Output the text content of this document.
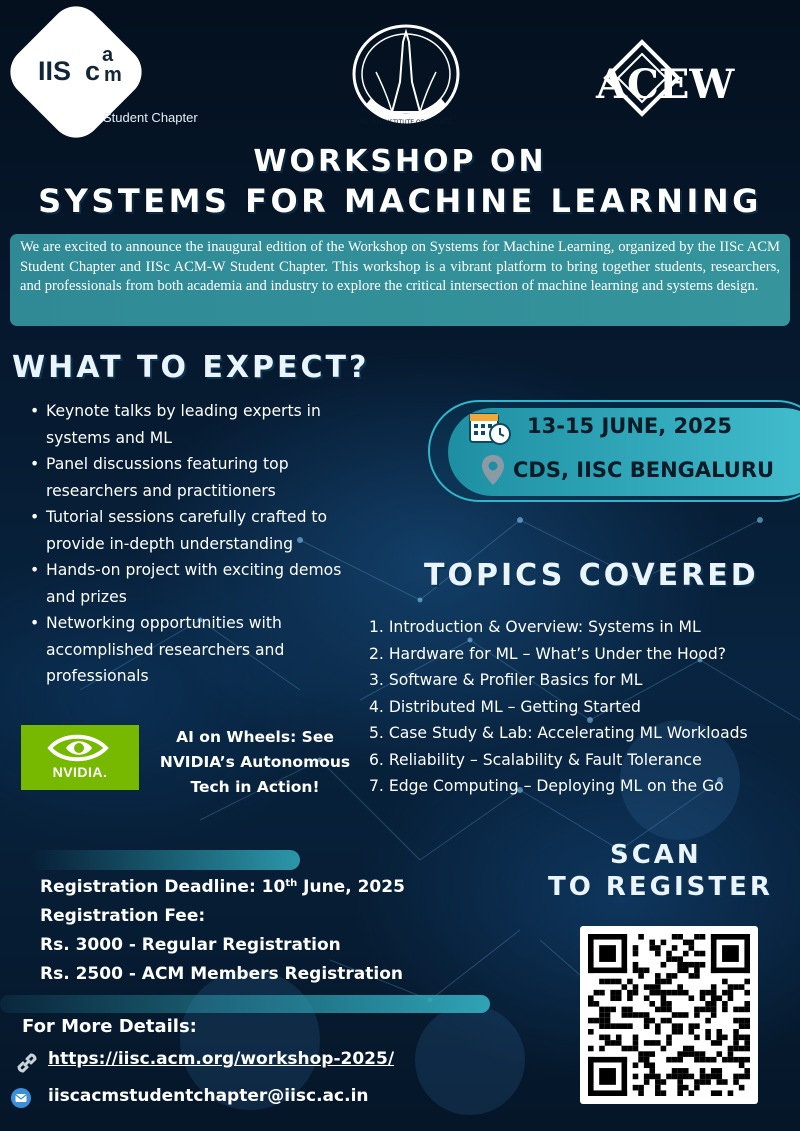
IIS c
a
m
Student Chapter	INDIAN INSTITUTE OF SCIENCE
ACEW
WORKSHOP ON
SYSTEMS FOR MACHINE LEARNING
We are excited to announce the inaugural edition of the Workshop on Systems for Machine Learning, organized by the IISc ACM Student Chapter and IISc ACM-W Student Chapter. This workshop is a vibrant platform to bring together students, researchers, and professionals from both academia and industry to explore the critical intersection of machine learning and systems design.
WHAT TO EXPECT?
• Keynote talks by leading experts in systems and ML
• Panel discussions featuring top researchers and practitioners
• Tutorial sessions carefully crafted to provide in-depth understanding
• Hands-on project with exciting demos and prizes
• Networking opportunities with accomplished researchers and professionals
13-15 JUNE, 2025
CDS, IISC BENGALURU
TOPICS COVERED
1. Introduction & Overview: Systems in ML
2. Hardware for ML – What’s Under the Hood?
3. Software & Profiler Basics for ML
4. Distributed ML – Getting Started
5. Case Study & Lab: Accelerating ML Workloads
6. Reliability – Scalability & Fault Tolerance
7. Edge Computing – Deploying ML on the Go
NVIDIA.
AI on Wheels: See
NVIDIA’s Autonomous
Tech in Action!
Registration Deadline: 10th June, 2025
Registration Fee:
Rs. 3000 - Regular Registration
Rs. 2500 - ACM Members Registration
For More Details:
https://iisc.acm.org/workshop-2025/
iiscacmstudentchapter@iisc.ac.in
SCAN
TO REGISTER
